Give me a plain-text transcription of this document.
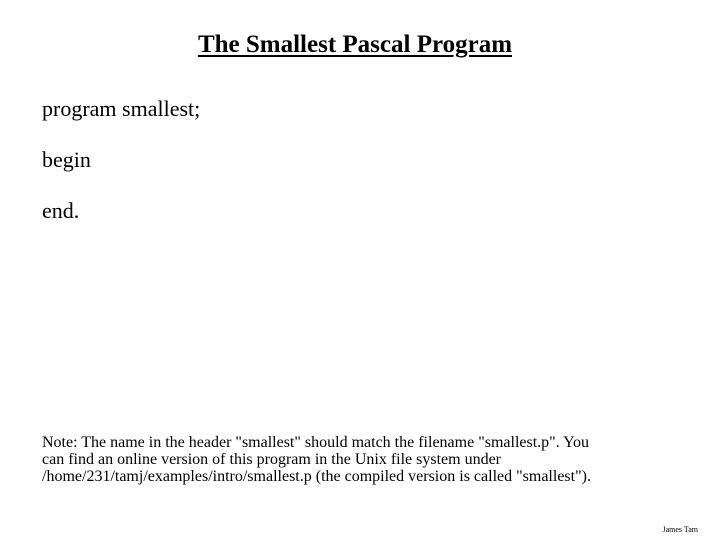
The Smallest Pascal Program
program smallest;
begin
end.

Note: The name in the header "smallest" should match the filename "smallest.p". You

can find an online version of this program in the Unix file system under

/home/231/tamj/examples/intro/smallest.p (the compiled version is called "smallest").

James Tam
